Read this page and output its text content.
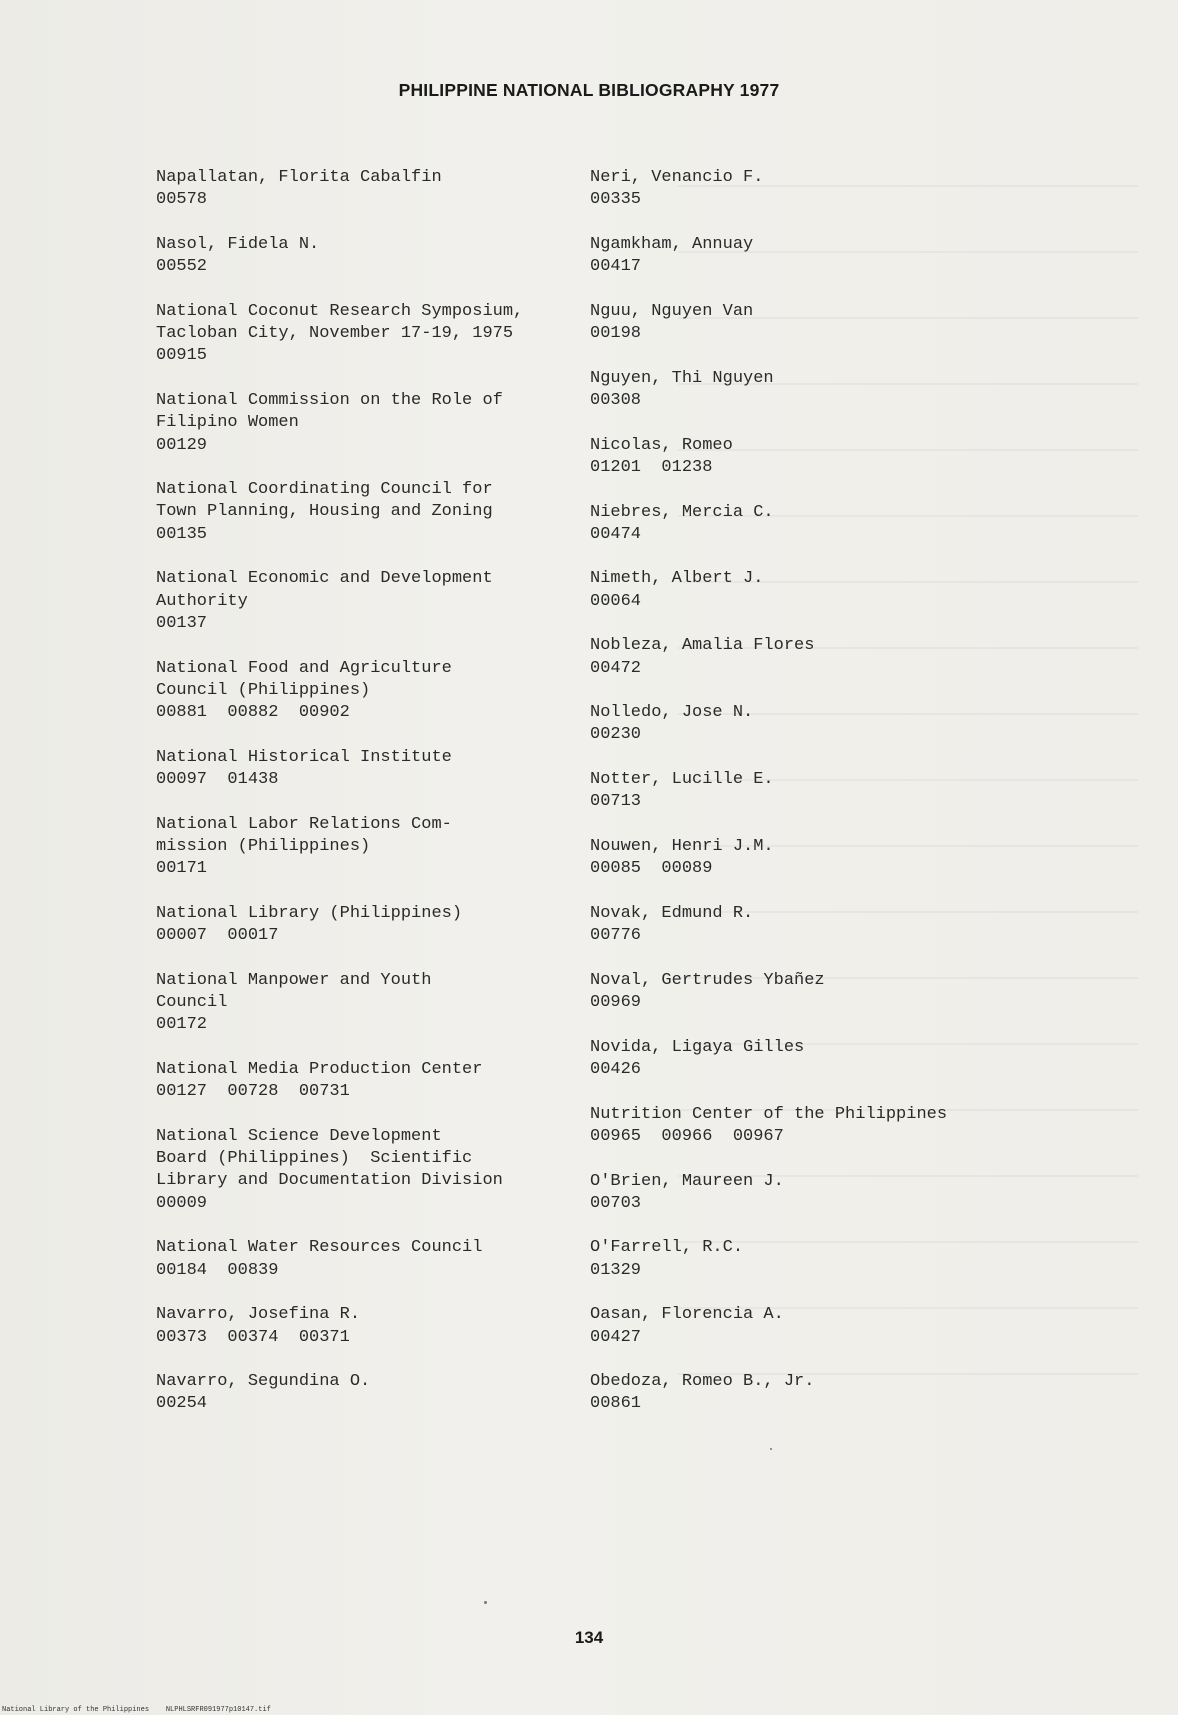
PHILIPPINE NATIONAL BIBLIOGRAPHY 1977
Napallatan, Florita Cabalfin
00578
Nasol, Fidela N.
00552
National Coconut Research Symposium,
Tacloban City, November 17-19, 1975
00915
National Commission on the Role of
Filipino Women
00129
National Coordinating Council for
Town Planning, Housing and Zoning
00135
National Economic and Development
Authority
00137
National Food and Agriculture
Council (Philippines)
00881  00882  00902
National Historical Institute
00097  01438
National Labor Relations Com-
mission (Philippines)
00171
National Library (Philippines)
00007  00017
National Manpower and Youth
Council
00172
National Media Production Center
00127  00728  00731
National Science Development
Board (Philippines)  Scientific
Library and Documentation Division
00009
National Water Resources Council
00184  00839
Navarro, Josefina R.
00373  00374  00371
Navarro, Segundina O.
00254
Neri, Venancio F.
00335
Ngamkham, Annuay
00417
Nguu, Nguyen Van
00198
Nguyen, Thi Nguyen
00308
Nicolas, Romeo
01201  01238
Niebres, Mercia C.
00474
Nimeth, Albert J.
00064
Nobleza, Amalia Flores
00472
Nolledo, Jose N.
00230
Notter, Lucille E.
00713
Nouwen, Henri J.M.
00085  00089
Novak, Edmund R.
00776
Noval, Gertrudes Ybañez
00969
Novida, Ligaya Gilles
00426
Nutrition Center of the Philippines
00965  00966  00967
O'Brien, Maureen J.
00703
O'Farrell, R.C.
01329
Oasan, Florencia A.
00427
Obedoza, Romeo B., Jr.
00861
134
National Library of the Philippines NLPHLSRFR091977p10147.tif
